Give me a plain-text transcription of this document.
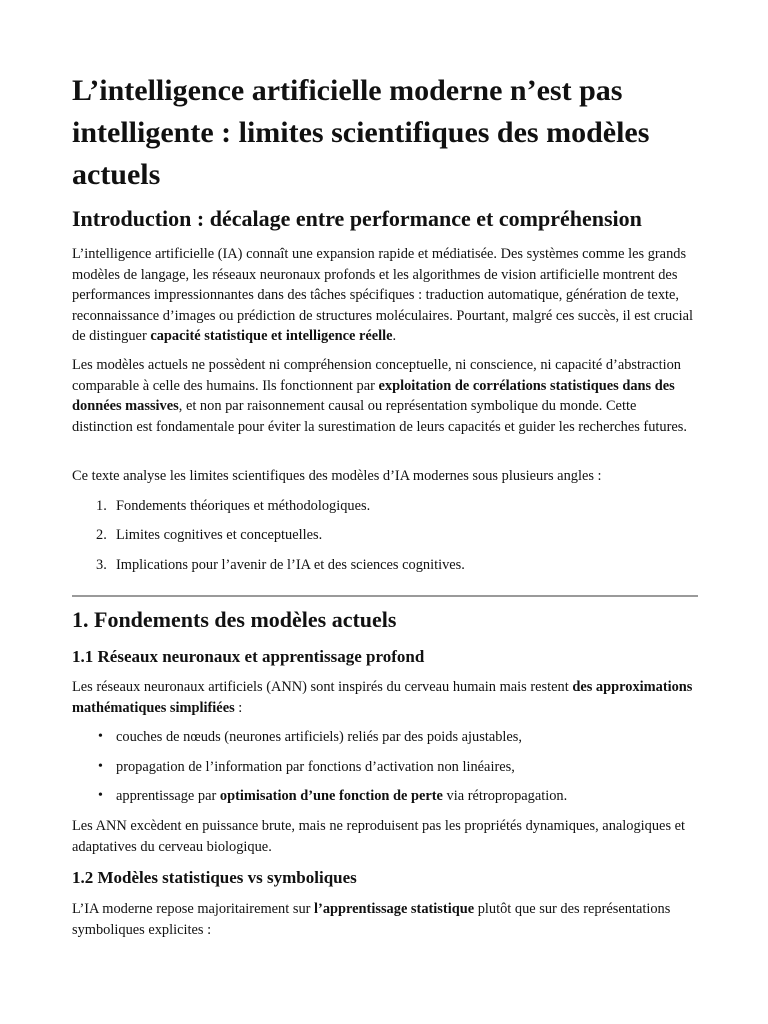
L’intelligence artificielle moderne n’est pas intelligente : limites scientifiques des modèles actuels
Introduction : décalage entre performance et compréhension

L’intelligence artificielle (IA) connaît une expansion rapide et médiatisée. Des systèmes comme les grands modèles de langage, les réseaux neuronaux profonds et les algorithmes de vision artificielle montrent des performances impressionnantes dans des tâches spécifiques : traduction automatique, génération de texte, reconnaissance d’images ou prédiction de structures moléculaires. Pourtant, malgré ces succès, il est crucial de distinguer capacité statistique et intelligence réelle.

Les modèles actuels ne possèdent ni compréhension conceptuelle, ni conscience, ni capacité d’abstraction comparable à celle des humains. Ils fonctionnent par exploitation de corrélations statistiques dans des données massives, et non par raisonnement causal ou représentation symbolique du monde. Cette distinction est fondamentale pour éviter la surestimation de leurs capacités et guider les recherches futures.

Ce texte analyse les limites scientifiques des modèles d’IA modernes sous plusieurs angles :

1. Fondements théoriques et méthodologiques.
2. Limites cognitives et conceptuelles.
3. Implications pour l’avenir de l’IA et des sciences cognitives.
1. Fondements des modèles actuels
1.1 Réseaux neuronaux et apprentissage profond

Les réseaux neuronaux artificiels (ANN) sont inspirés du cerveau humain mais restent des approximations mathématiques simplifiées :

• couches de nœuds (neurones artificiels) reliés par des poids ajustables,
• propagation de l’information par fonctions d’activation non linéaires,
• apprentissage par optimisation d’une fonction de perte via rétropropagation.

Les ANN excèdent en puissance brute, mais ne reproduisent pas les propriétés dynamiques, analogiques et adaptatives du cerveau biologique.

1.2 Modèles statistiques vs symboliques

L’IA moderne repose majoritairement sur l’apprentissage statistique plutôt que sur des représentations symboliques explicites :
